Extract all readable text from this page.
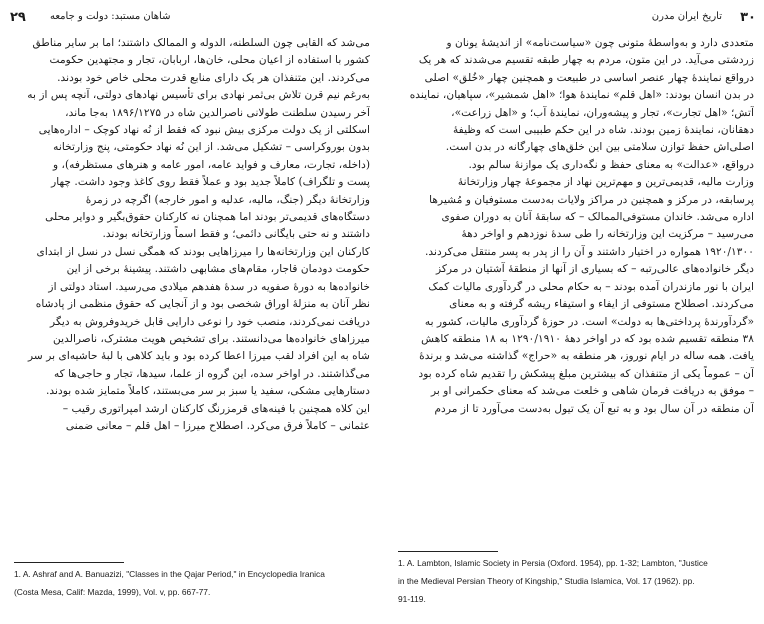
۲۹ شاهان مستبد: دولت و جامعه
می‌شد که القابی چون السلطنه، الدوله و الممالک داشتند؛ اما بر سایر مناطق
کشور با استفاده از اعیان محلی، خان‌ها، اربابان، تجار و مجتهدین حکومت
می‌کردند. این متنفذان هر یک دارای منابع قدرت محلی خاص خود بودند.
به‌رغم نیم قرن تلاش بی‌ثمر نهادی برای تأسیس نهادهای دولتی، آنچه پس از به
آخر رسیدن سلطنت طولانی ناصرالدین شاه در ۱۸۹۶/۱۲۷۵ به‌جا ماند،
اسکلتی از یک دولت مرکزی بیش نبود که فقط از نُه نهاد کوچک – اداره‌هایی
بدون بوروکراسی – تشکیل می‌شد. از این نُه نهاد حکومتی، پنج وزارتخانه
(داخله، تجارت، معارف و فواید عامه، امور عامه و هنرهای مستظرفه)، و
پست و تلگراف) کاملاً جدید بود و عملاً فقط روی کاغذ وجود داشت. چهار
وزارتخانهٔ دیگر (جنگ، مالیه، عدلیه و امور خارجه) اگرچه در زمرهٔ
دستگاه‌های قدیمی‌تر بودند اما همچنان نه کارکنان حقوق‌بگیر و دوایر محلی
داشتند و نه حتی بایگانی دائمی؛ و فقط اسماً وزارتخانه بودند.
کارکنان این وزارتخانه‌ها را میرزاهایی بودند که همگی نسل در نسل از ابتدای
حکومت دودمان قاجار، مقام‌های مشابهی داشتند. پیشینهٔ برخی از این
خانواده‌ها به دورهٔ صفویه در سدهٔ هفدهم میلادی می‌رسید. استاد دولتی از
نظر آنان به منزلهٔ اوراق شخصی بود و از آنجایی که حقوق منظمی از پادشاه
دریافت نمی‌کردند، منصب خود را نوعی دارایی قابل خریدوفروش به دیگر
میرزاهای خانواده‌ها می‌دانستند. برای تشخیص هویت مشترک، ناصرالدین
شاه به این افراد لقب میرزا اعطا کرده بود و باید کلاهی با لبهٔ حاشیه‌ای بر سر
می‌گذاشتند. در اواخر سده، این گروه از علما، سیدها، تجار و حاجی‌ها که
دستارهایی مشکی، سفید یا سبز بر سر می‌بستند، کاملاً متمایز شده بودند.
این کلاه همچنین با فینه‌های قرمزرنگ کارکنان ارشد امپراتوری رقیب –
عثمانی – کاملاً فرق می‌کرد. اصطلاح میرزا – اهل قلم – معانی ضمنی
1. A. Ashraf and A. Banuazizi, "Classes in the Qajar Period," in Encyclopedia Iranica
(Costa Mesa, Calif: Mazda, 1999), Vol. v, pp. 667-77.
۳۰
تاریخ ایران مدرن
متعددی دارد و به‌واسطهٔ متونی چون «سیاست‌نامه» از اندیشهٔ یونان و
زردشتی می‌آید. در این متون، مردم به چهار طبقه تقسیم می‌شدند که هر یک
درواقع نمایندهٔ چهار عنصر اساسی در طبیعت و همچنین چهار «خُلق» اصلی
در بدن انسان بودند: «اهل قلم» نمایندهٔ هوا؛ «اهل شمشیر»، سپاهیان، نماینده
آتش؛ «اهل تجارت»، تجار و پیشه‌وران، نمایندهٔ آب؛ و «اهل زراعت»،
دهقانان، نمایندهٔ زمین بودند. شاه در این حکم طبیبی است که وظیفهٔ
اصلی‌اش حفظ توازن سلامتی بین این خلق‌های چهارگانه در بدن است.
درواقع، «عدالت» به معنای حفظ و نگه‌داری یک موازنهٔ سالم بود.
وزارت مالیه، قدیمی‌ترین و مهم‌ترین نهاد از مجموعهٔ چهار وزارتخانهٔ
پرسابقه، در مرکز و همچنین در مراکز ولایات به‌دست مستوفیان و مُشیرها
اداره می‌شد. خاندان مستوفی‌الممالک – که سابقهٔ آنان به دوران صفوی
می‌رسید – مرکزیت این وزارتخانه را طی سدهٔ نوزدهم و اواخر دههٔ
۱۹۲۰/۱۳۰۰ همواره در اختیار داشتند و آن را از پدر به پسر منتقل می‌کردند.
دیگر خانواده‌های عالی‌رتبه – که بسیاری از آنها از منطقهٔ آشتیان در مرکز
ایران با نور مازندران آمده بودند – به حکام محلی در گردآوری مالیات کمک
می‌کردند. اصطلاح مستوفی از ایفاء و استیفاء ریشه گرفته و به معنای
«گردآورندهٔ پرداختی‌ها به دولت» است. در حوزهٔ گردآوری مالیات، کشور به
۳۸ منطقه تقسیم شده بود که در اواخر دههٔ ۱۲۹۰/۱۹۱۰ به ۱۸ منطقه کاهش
یافت. همه ساله در ایام نوروز، هر منطقه به «حراج» گذاشته می‌شد و برندهٔ
آن – عموماً یکی از متنفذان که بیشترین مبلغ پیشکش را تقدیم شاه کرده بود
– موفق به دریافت فرمان شاهی و خلعت می‌شد که معنای حکمرانی او بر
آن منطقه در آن سال بود و به تبع آن یک تیول به‌دست می‌آورد تا از مردم
1. A. Lambton, Islamic Society in Persia (Oxford. 1954), pp. 1-32; Lambton, "Justice
in the Medieval Persian Theory of Kingship," Studia Islamica, Vol. 17 (1962). pp.
91-119.
